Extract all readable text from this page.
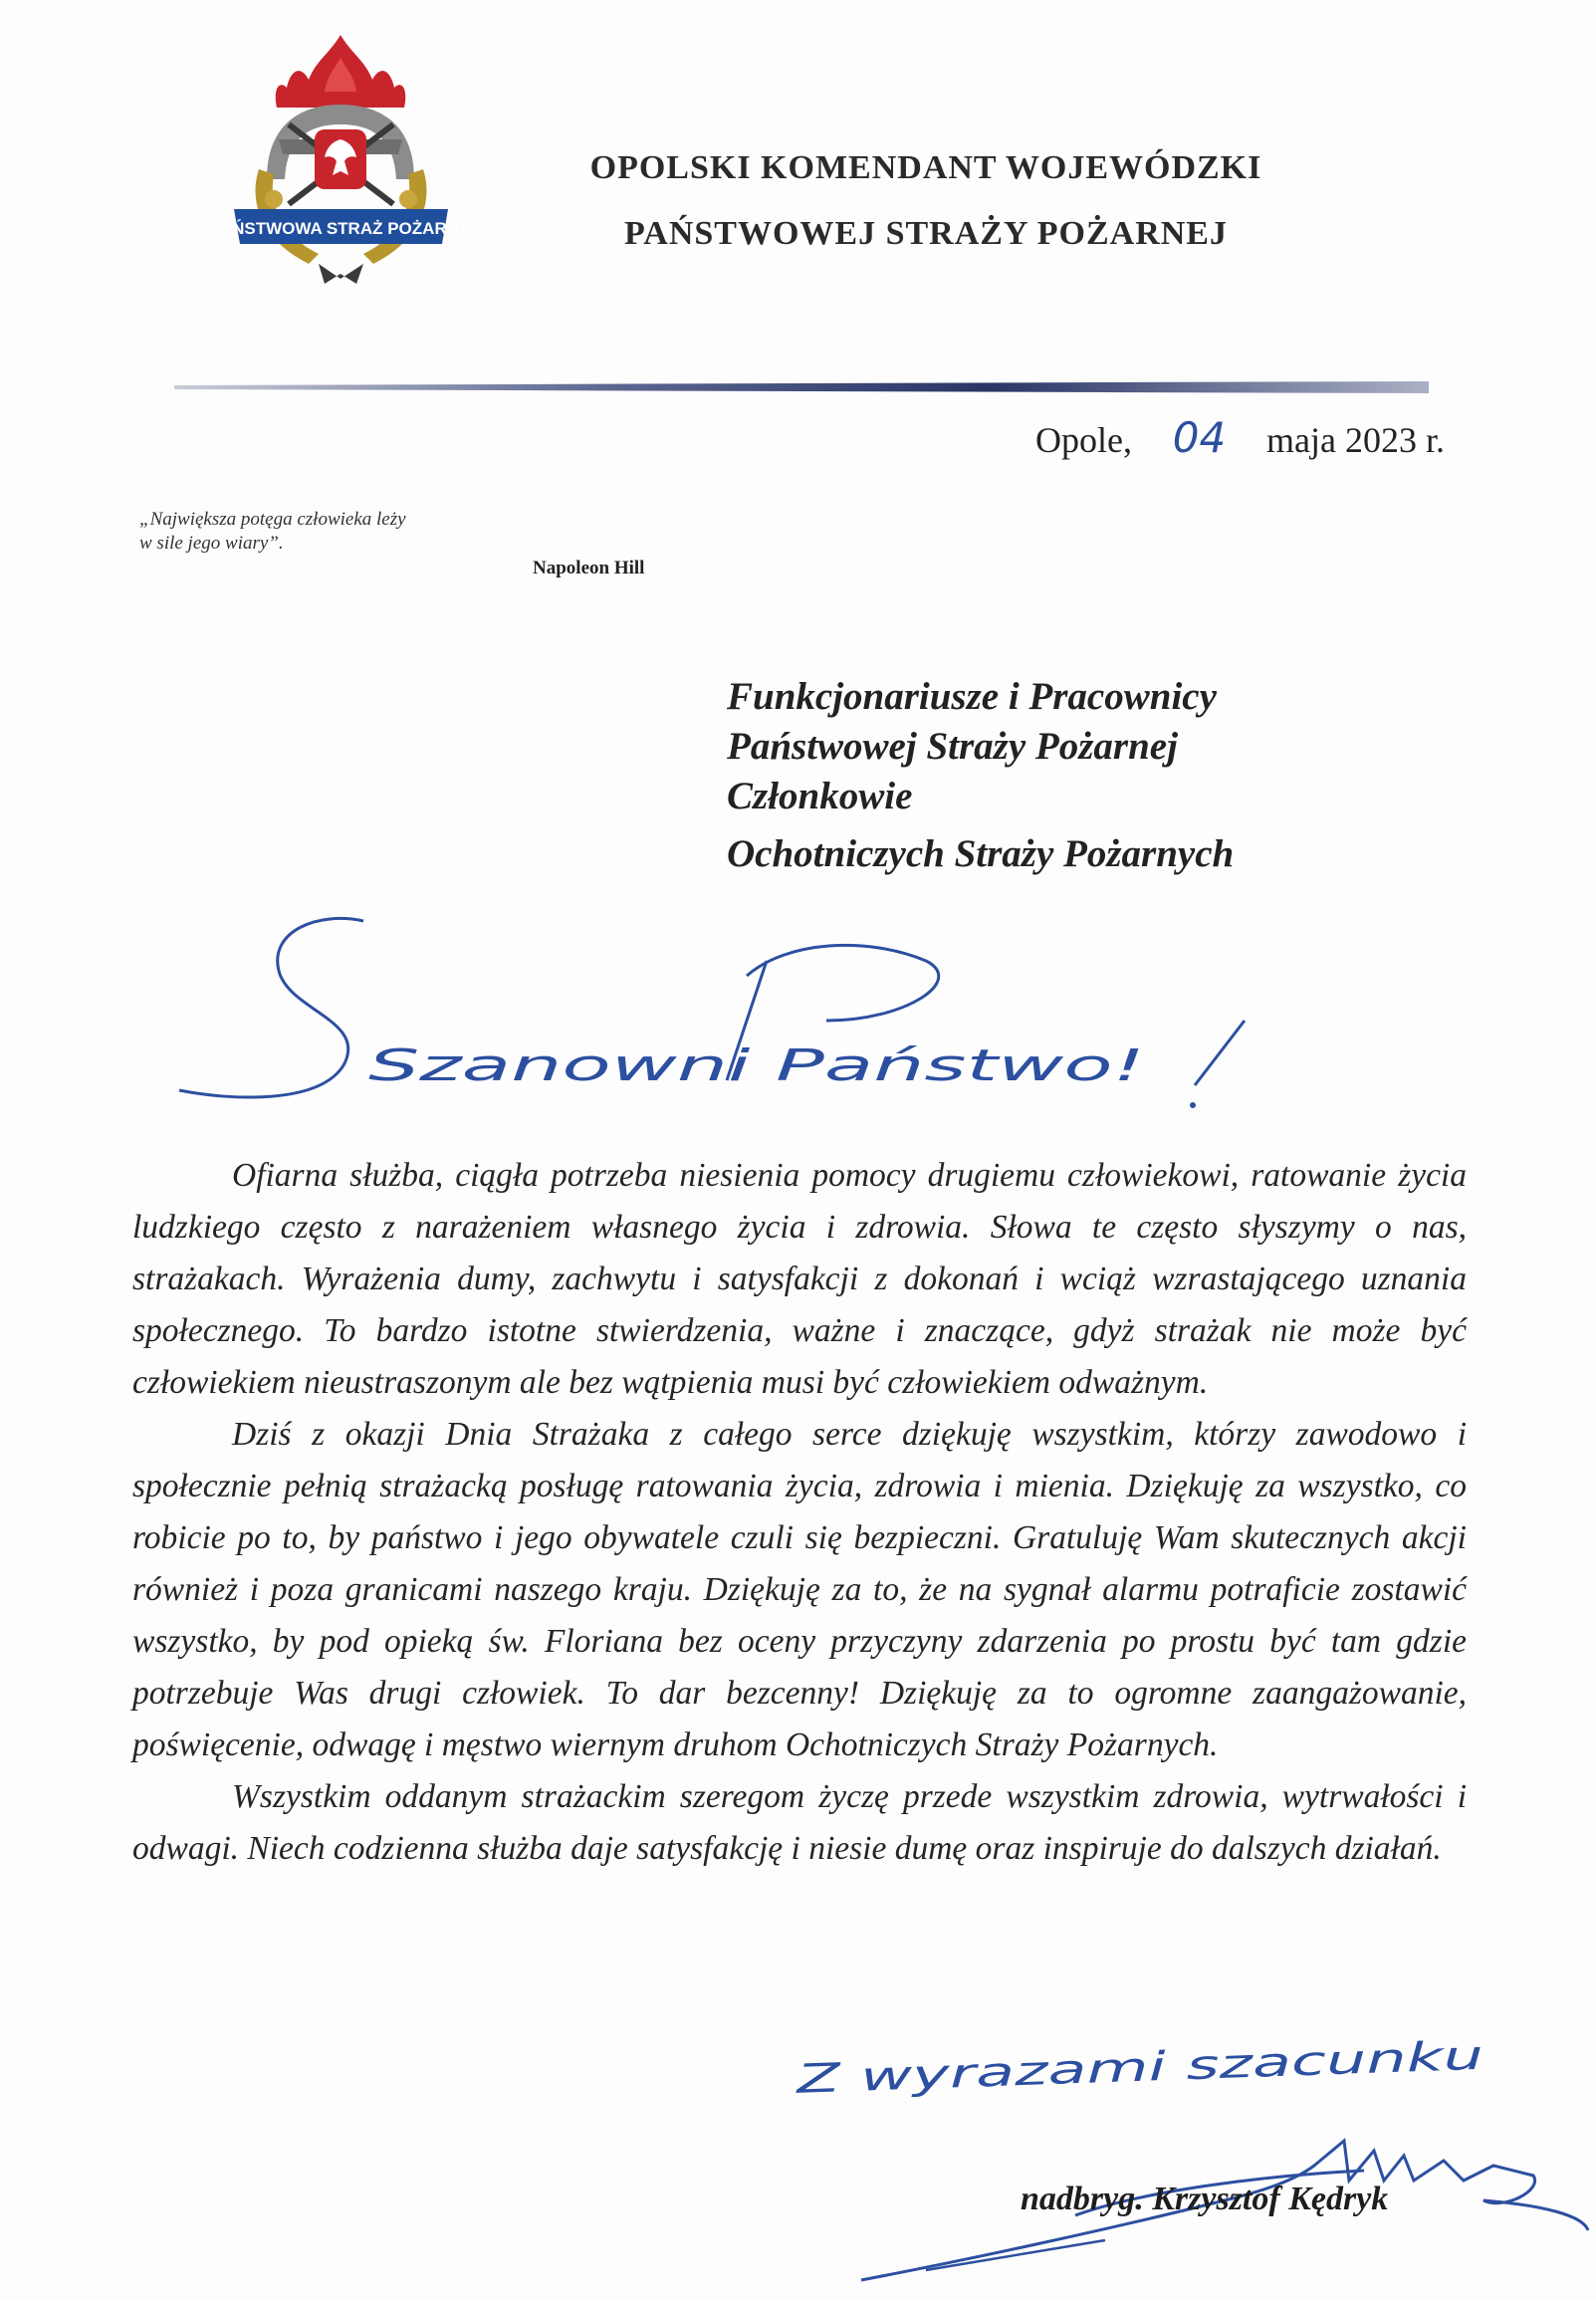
PAŃSTWOWA STRAŻ POŻARNA
OPOLSKI KOMENDANT WOJEWÓDZKI
PAŃSTWOWEJ STRAŻY POŻARNEJ
Opole, 04 maja 2023 r.
„Największa potęga człowieka leży
w sile jego wiary”.
Napoleon Hill
Funkcjonariusze i Pracownicy
Państwowej Straży Pożarnej
Członkowie
Ochotniczych Straży Pożarnych
Szanowni Państwo!

Ofiarna służba, ciągła potrzeba niesienia pomocy drugiemu człowiekowi, ratowanie życia ludzkiego często z narażeniem własnego życia i zdrowia. Słowa te często słyszymy o nas, strażakach. Wyrażenia dumy, zachwytu i satysfakcji z dokonań i wciąż wzrastającego uznania społecznego. To bardzo istotne stwierdzenia, ważne i znaczące, gdyż strażak nie może być człowiekiem nieustraszonym ale bez wątpienia musi być człowiekiem odważnym.

Dziś z okazji Dnia Strażaka z całego serce dziękuję wszystkim, którzy zawodowo i społecznie pełnią strażacką posługę ratowania życia, zdrowia i mienia. Dziękuję za wszystko, co robicie po to, by państwo i jego obywatele czuli się bezpieczni. Gratuluję Wam skutecznych akcji również i poza granicami naszego kraju. Dziękuję za to, że na sygnał alarmu potraficie zostawić wszystko, by pod opieką św. Floriana bez oceny przyczyny zdarzenia po prostu być tam gdzie potrzebuje Was drugi człowiek. To dar bezcenny! Dziękuję za to ogromne zaangażowanie, poświęcenie, odwagę i męstwo wiernym druhom Ochotniczych Straży Pożarnych.

Wszystkim oddanym strażackim szeregom życzę przede wszystkim zdrowia, wytrwałości i odwagi. Niech codzienna służba daje satysfakcję i niesie dumę oraz inspiruje do dalszych działań.

Z wyrazami szacunku
nadbryg. Krzysztof Kędryk
